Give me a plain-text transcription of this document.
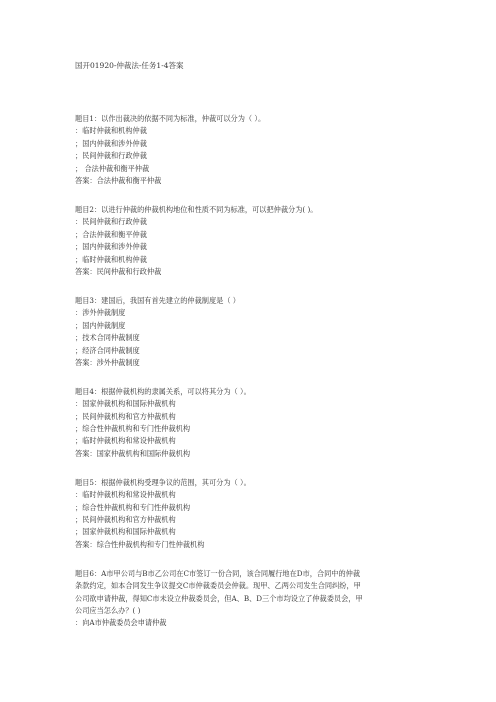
国开01920-仲裁法-任务1-4答案
题目1：以作出裁决的依据不同为标准，仲裁可以分为（ ）。
：临时仲裁和机构仲裁
；国内仲裁和涉外仲裁
；民间仲裁和行政仲裁
； 合法仲裁和衡平仲裁
答案：合法仲裁和衡平仲裁
题目2：以进行仲裁的仲裁机构地位和性质不同为标准，可以把仲裁分为( )。
：民间仲裁和行政仲裁
；合法仲裁和衡平仲裁
；国内仲裁和涉外仲裁
；临时仲裁和机构仲裁
答案：民间仲裁和行政仲裁
题目3：建国后，我国有首先建立的仲裁制度是（ ）
：涉外仲裁制度
；国内仲裁制度
；技术合同仲裁制度
；经济合同仲裁制度
答案：涉外仲裁制度
题目4：根据仲裁机构的隶属关系，可以将其分为（ ）。
：国家仲裁机构和国际仲裁机构
；民间仲裁机构和官方仲裁机构
；综合性仲裁机构和专门性仲裁机构
；临时仲裁机构和常设仲裁机构
答案：国家仲裁机构和国际仲裁机构
题目5：根据仲裁机构受理争议的范围，其可分为（ ）。
：临时仲裁机构和常设仲裁机构
；综合性仲裁机构和专门性仲裁机构
；民间仲裁机构和官方仲裁机构
；国家仲裁机构和国际仲裁机构
答案：综合性仲裁机构和专门性仲裁机构
题目6：A市甲公司与B市乙公司在C市签订一份合同，该合同履行地在D市，合同中的仲裁
条款约定，如本合同发生争议提交C市仲裁委员会仲裁。现甲、乙两公司发生合同纠纷，甲
公司欲申请仲裁，得知C市未设立仲裁委员会，但A、B、D三个市均设立了仲裁委员会，甲
公司应当怎么办？( )
：向A市仲裁委员会申请仲裁
